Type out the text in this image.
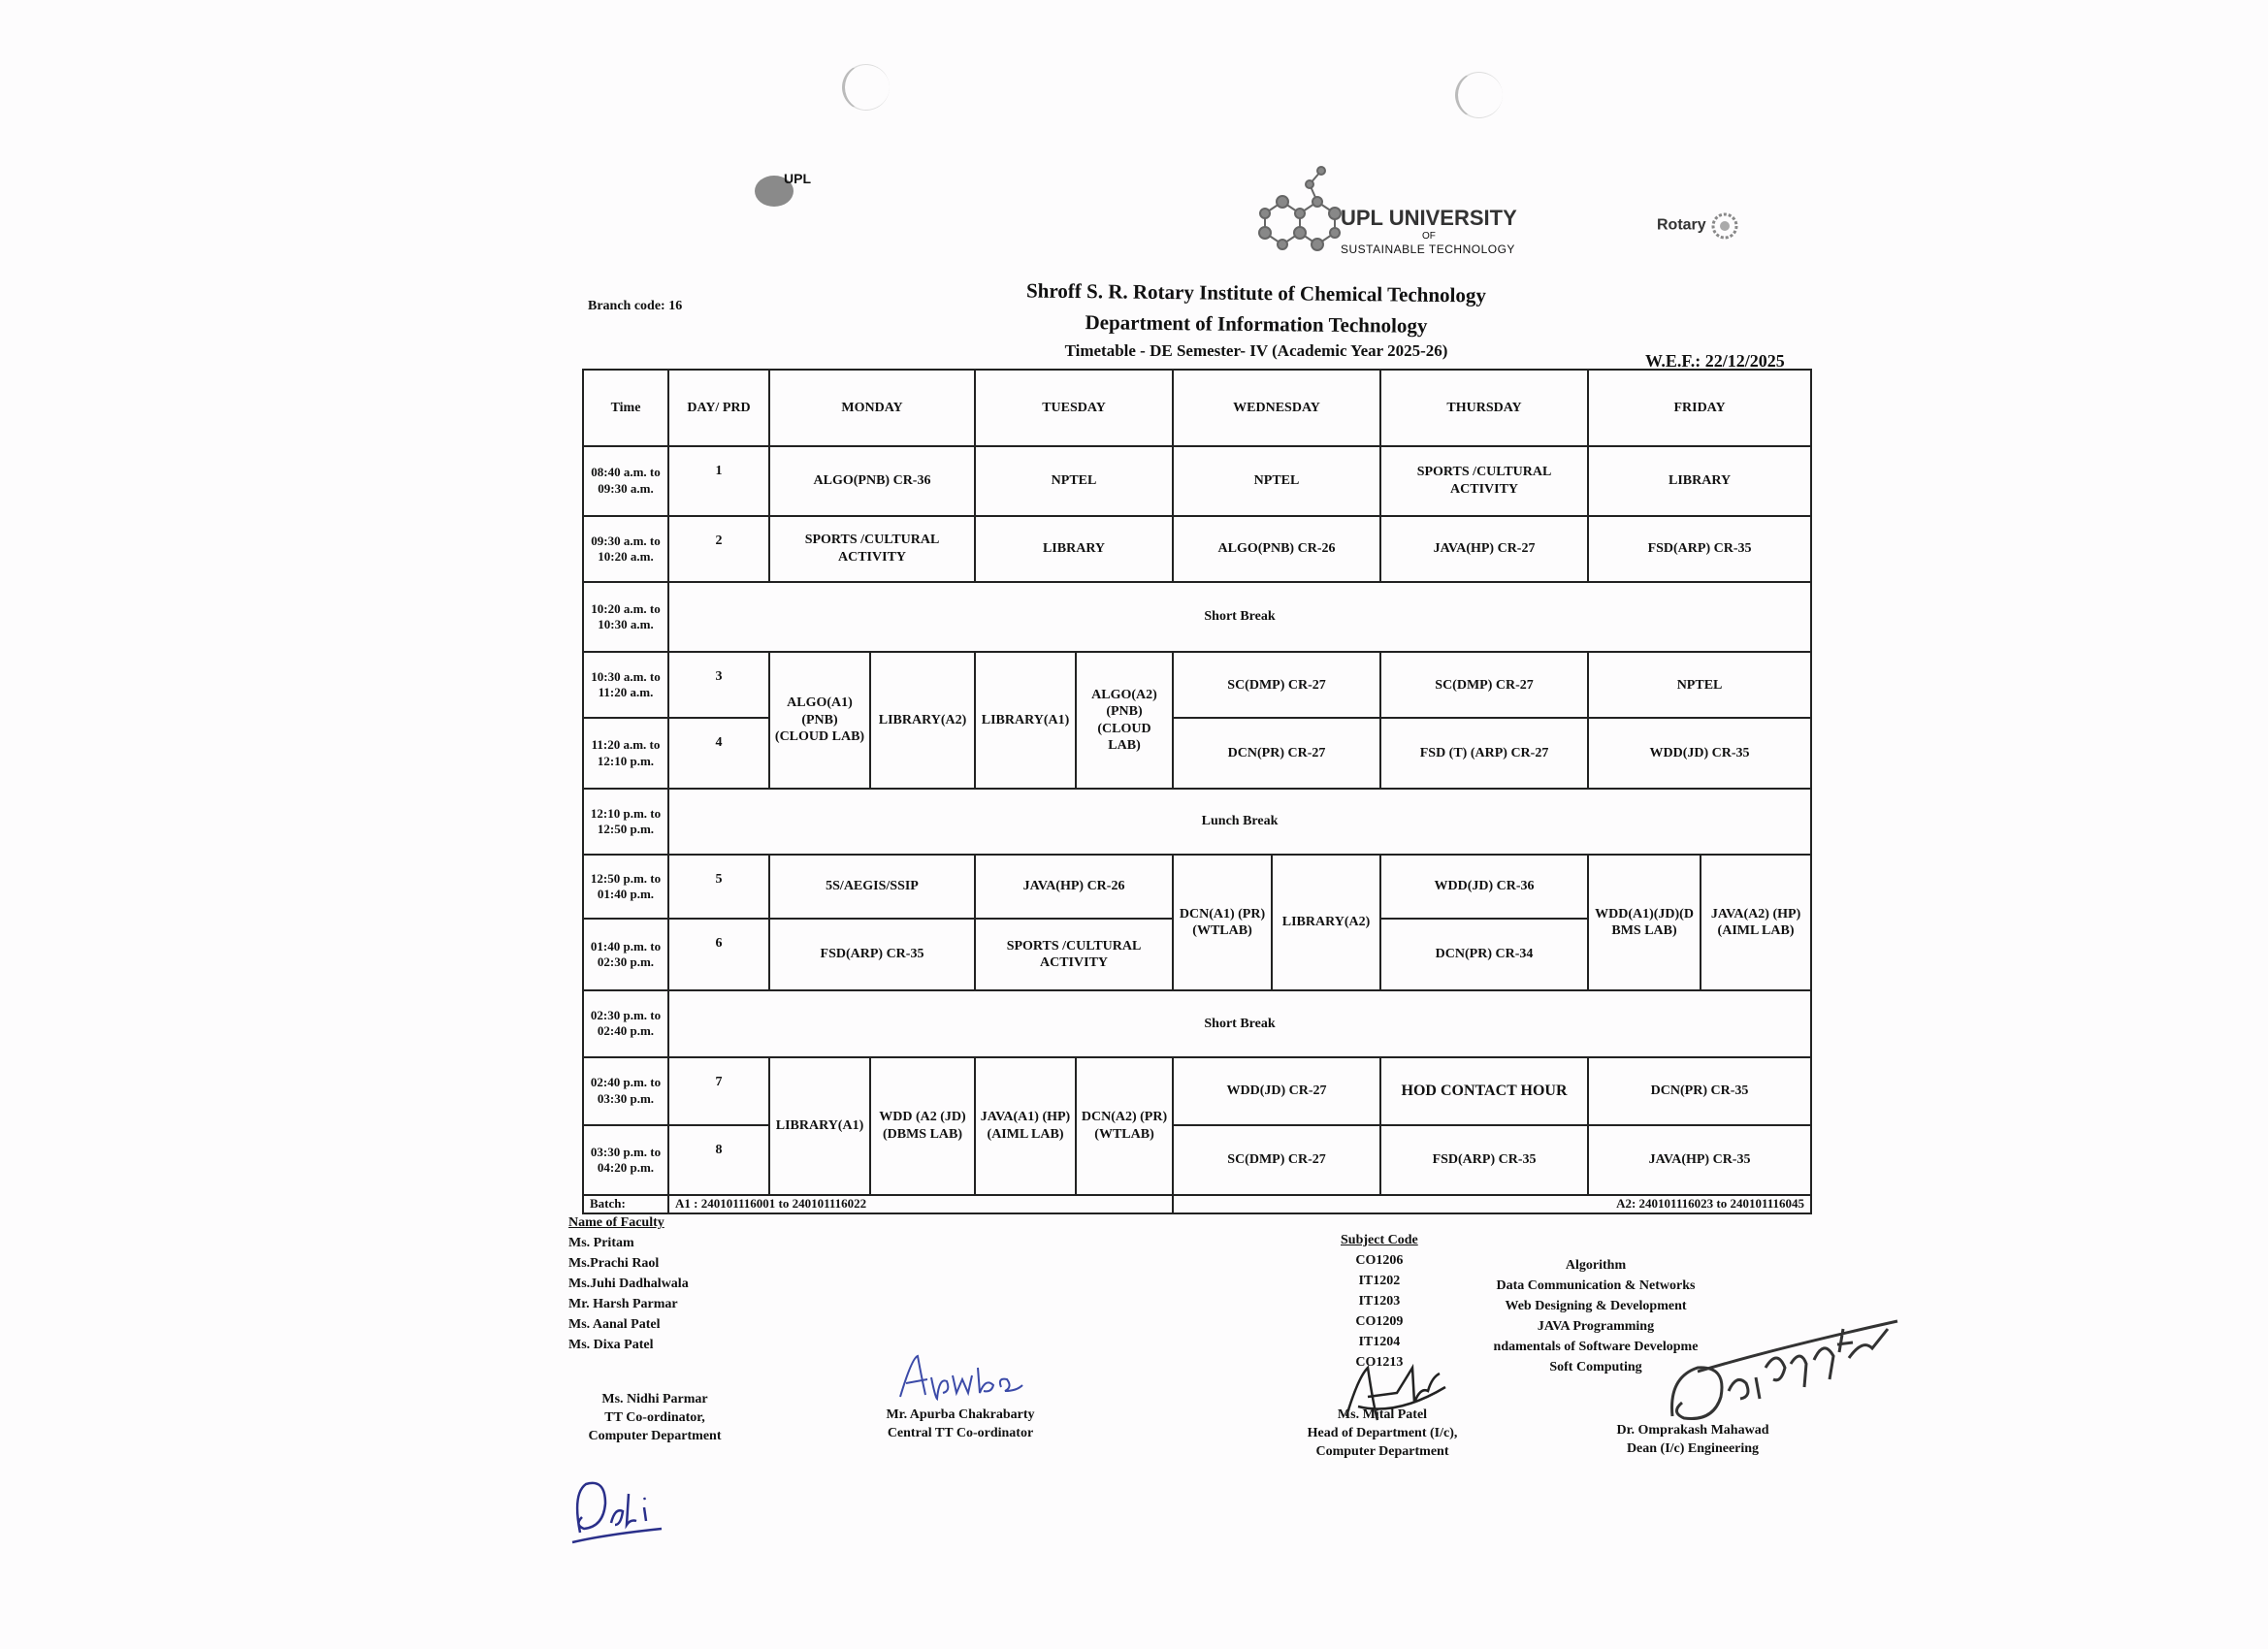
UPL
UPL UNIVERSITY
OF
SUSTAINABLE TECHNOLOGY
Rotary
Shroff S. R. Rotary Institute of Chemical Technology
Department of Information Technology
Timetable - DE Semester- IV (Academic Year 2025-26)
Branch code: 16
W.E.F.: 22/12/2025
Time	DAY/ PRD	MONDAY		TUESDAY		WEDNESDAY		THURSDAY	FRIDAY	
08:40 a.m. to 09:30 a.m.	1	ALGO(PNB) CR-36		NPTEL		NPTEL		SPORTS /CULTURAL ACTIVITY	LIBRARY	
09:30 a.m. to 10:20 a.m.	2	SPORTS /CULTURAL ACTIVITY		LIBRARY		ALGO(PNB) CR-26		JAVA(HP) CR-27	FSD(ARP) CR-35	
10:20 a.m. to 10:30 a.m.	Short Break									
10:30 a.m. to 11:20 a.m.	3	ALGO(A1) (PNB) (CLOUD LAB)	LIBRARY(A2)	LIBRARY(A1)	ALGO(A2) (PNB) (CLOUD LAB)	SC(DMP) CR-27		SC(DMP) CR-27	NPTEL	
11:20 a.m. to 12:10 p.m.	4					DCN(PR) CR-27		FSD (T) (ARP) CR-27	WDD(JD) CR-35	
12:10 p.m. to 12:50 p.m.	Lunch Break									
12:50 p.m. to 01:40 p.m.	5	5S/AEGIS/SSIP		JAVA(HP) CR-26		DCN(A1) (PR) (WTLAB)	LIBRARY(A2)	WDD(JD) CR-36	WDD(A1)(JD)(D BMS LAB)	JAVA(A2) (HP) (AIML LAB)
01:40 p.m. to 02:30 p.m.	6	FSD(ARP) CR-35		SPORTS /CULTURAL ACTIVITY				DCN(PR) CR-34		
02:30 p.m. to 02:40 p.m.	Short Break									
02:40 p.m. to 03:30 p.m.	7	LIBRARY(A1)	WDD (A2 (JD) (DBMS LAB)	JAVA(A1) (HP) (AIML LAB)	DCN(A2) (PR) (WTLAB)	WDD(JD) CR-27		HOD CONTACT HOUR	DCN(PR) CR-35	
03:30 p.m. to 04:20 p.m.	8					SC(DMP) CR-27		FSD(ARP) CR-35	JAVA(HP) CR-35	
Batch:	A1 : 240101116001 to 240101116022					A2: 240101116023 to 240101116045				
Name of Faculty
Ms. Pritam
Ms.Prachi Raol
Ms.Juhi Dadhalwala
Mr. Harsh Parmar
Ms. Aanal Patel
Ms. Dixa Patel
Subject Code
CO1206
IT1202
IT1203
CO1209
IT1204
CO1213
Algorithm
Data Communication & Networks
Web Designing & Development
JAVA Programming
ndamentals of Software Developme
Soft Computing
Ms. Nidhi Parmar
TT Co-ordinator,
Computer Department
Mr. Apurba Chakrabarty
Central TT Co-ordinator
Ms. Mital Patel
Head of Department (I/c),
Computer Department
Dr. Omprakash Mahawad
Dean (I/c) Engineering
